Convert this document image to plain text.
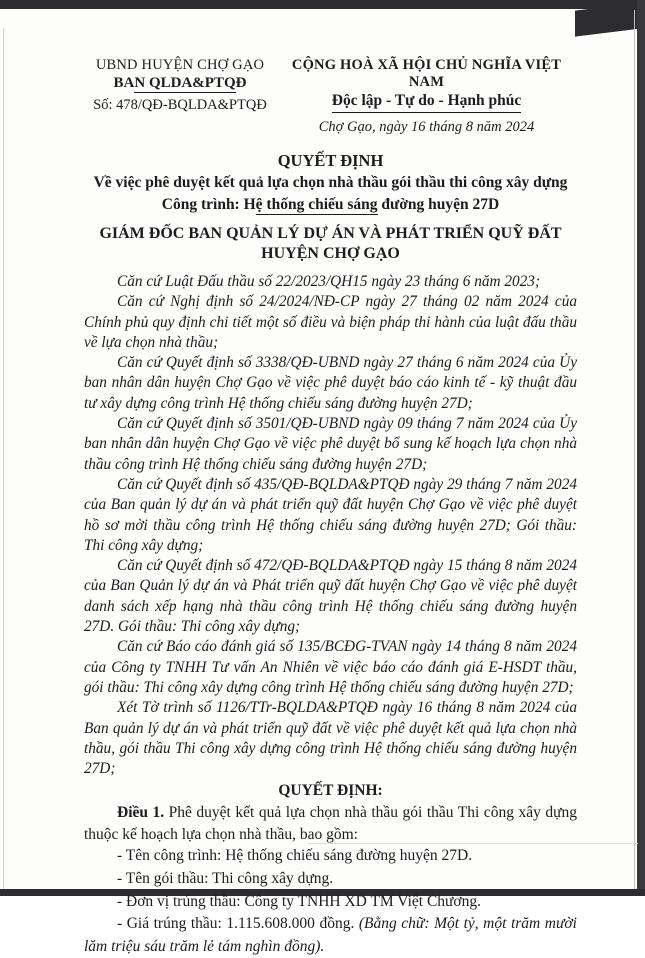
UBND HUYỆN CHỢ GẠO
BAN QLDA&PTQĐ
Số: 478/QĐ-BQLDA&PTQĐ
CỘNG HOÀ XÃ HỘI CHỦ NGHĨA VIỆT NAM
Độc lập - Tự do - Hạnh phúc
Chợ Gạo, ngày 16 tháng 8 năm 2024
QUYẾT ĐỊNH
Về việc phê duyệt kết quả lựa chọn nhà thầu gói thầu thi công xây dựng
Công trình: Hệ thống chiếu sáng đường huyện 27D
GIÁM ĐỐC BAN QUẢN LÝ DỰ ÁN VÀ PHÁT TRIỂN QUỸ ĐẤT
HUYỆN CHỢ GẠO

Căn cứ Luật Đấu thầu số 22/2023/QH15 ngày 23 tháng 6 năm 2023;

Căn cứ Nghị định số 24/2024/NĐ-CP ngày 27 tháng 02 năm 2024 của Chính phủ quy định chi tiết một số điều và biện pháp thi hành của luật đấu thầu về lựa chọn nhà thầu;

Căn cứ Quyết định số 3338/QĐ-UBND ngày 27 tháng 6 năm 2024 của Ủy ban nhân dân huyện Chợ Gạo về việc phê duyệt báo cáo kinh tế - kỹ thuật đầu tư xây dựng công trình Hệ thống chiếu sáng đường huyện 27D;

Căn cứ Quyết định số 3501/QĐ-UBND ngày 09 tháng 7 năm 2024 của Ủy ban nhân dân huyện Chợ Gạo về việc phê duyệt bổ sung kế hoạch lựa chọn nhà thầu công trình Hệ thống chiếu sáng đường huyện 27D;

Căn cứ Quyết định số 435/QĐ-BQLDA&PTQĐ ngày 29 tháng 7 năm 2024 của Ban quản lý dự án và phát triển quỹ đất huyện Chợ Gạo về việc phê duyệt hồ sơ mời thầu công trình Hệ thống chiếu sáng đường huyện 27D; Gói thầu: Thi công xây dựng;

Căn cứ Quyết định số 472/QĐ-BQLDA&PTQĐ ngày 15 tháng 8 năm 2024 của Ban Quản lý dự án và Phát triển quỹ đất huyện Chợ Gạo về việc phê duyệt danh sách xếp hạng nhà thầu công trình Hệ thống chiếu sáng đường huyện 27D. Gói thầu: Thi công xây dựng;

Căn cứ Báo cáo đánh giá số 135/BCĐG-TVAN ngày 14 tháng 8 năm 2024 của Công ty TNHH Tư vấn An Nhiên về việc báo cáo đánh giá E-HSDT thầu, gói thầu: Thi công xây dựng công trình Hệ thống chiếu sáng đường huyện 27D;

Xét Tờ trình số 1126/TTr-BQLDA&PTQĐ ngày 16 tháng 8 năm 2024 của Ban quản lý dự án và phát triển quỹ đất về việc phê duyệt kết quả lựa chọn nhà thầu, gói thầu Thi công xây dựng công trình Hệ thống chiếu sáng đường huyện 27D;

QUYẾT ĐỊNH:

Điều 1. Phê duyệt kết quả lựa chọn nhà thầu gói thầu Thi công xây dựng thuộc kế hoạch lựa chọn nhà thầu, bao gồm:

- Tên công trình: Hệ thống chiếu sáng đường huyện 27D.

- Tên gói thầu: Thi công xây dựng.

- Đơn vị trúng thầu: Công ty TNHH XD TM Việt Chương.

- Giá trúng thầu: 1.115.608.000 đồng. (Bằng chữ: Một tỷ, một trăm mười lăm triệu sáu trăm lẻ tám nghìn đồng).
